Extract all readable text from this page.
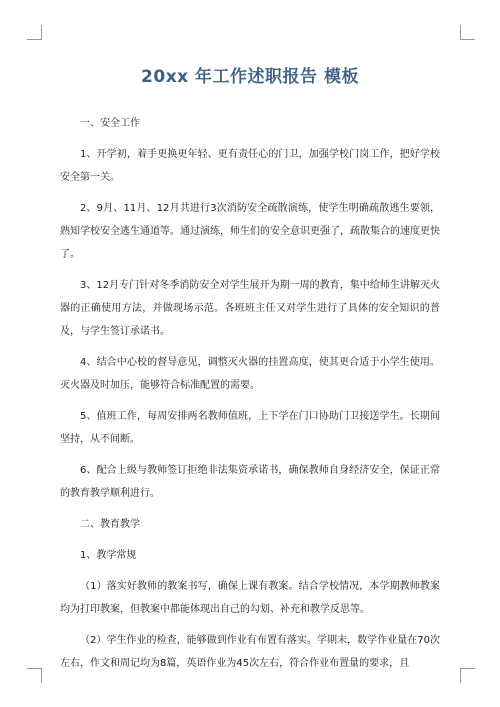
20xx 年工作述职报告 模板

一、安全工作

1、开学初，着手更换更年轻、更有责任心的门卫，加强学校门岗工作，把好学校安全第一关。

2、9月、11月、12月共进行3次消防安全疏散演练，使学生明确疏散逃生要领，熟知学校安全逃生通道等。通过演练，师生们的安全意识更强了，疏散集合的速度更快了。

3、12月专门针对冬季消防安全对学生展开为期一周的教育，集中给师生讲解灭火器的正确使用方法，并做现场示范。各班班主任又对学生进行了具体的安全知识的普及，与学生签订承诺书。

4、结合中心校的督导意见，调整灭火器的挂置高度，使其更合适于小学生使用。灭火器及时加压，能够符合标准配置的需要。

5、值班工作，每周安排两名教师值班，上下学在门口协助门卫接送学生。长期间坚持，从不间断。

6、配合上级与教师签订拒绝非法集资承诺书，确保教师自身经济安全，保证正常的教育教学顺利进行。

二、教育教学

1、教学常规

（1）落实好教师的教案书写，确保上课有教案。结合学校情况，本学期教师教案均为打印教案，但教案中都能体现出自己的勾划、补充和教学反思等。

（2）学生作业的检查，能够做到作业有布置有落实。学期末，数学作业量在70次左右，作文和周记均为8篇，英语作业为45次左右，符合作业布置量的要求，且
